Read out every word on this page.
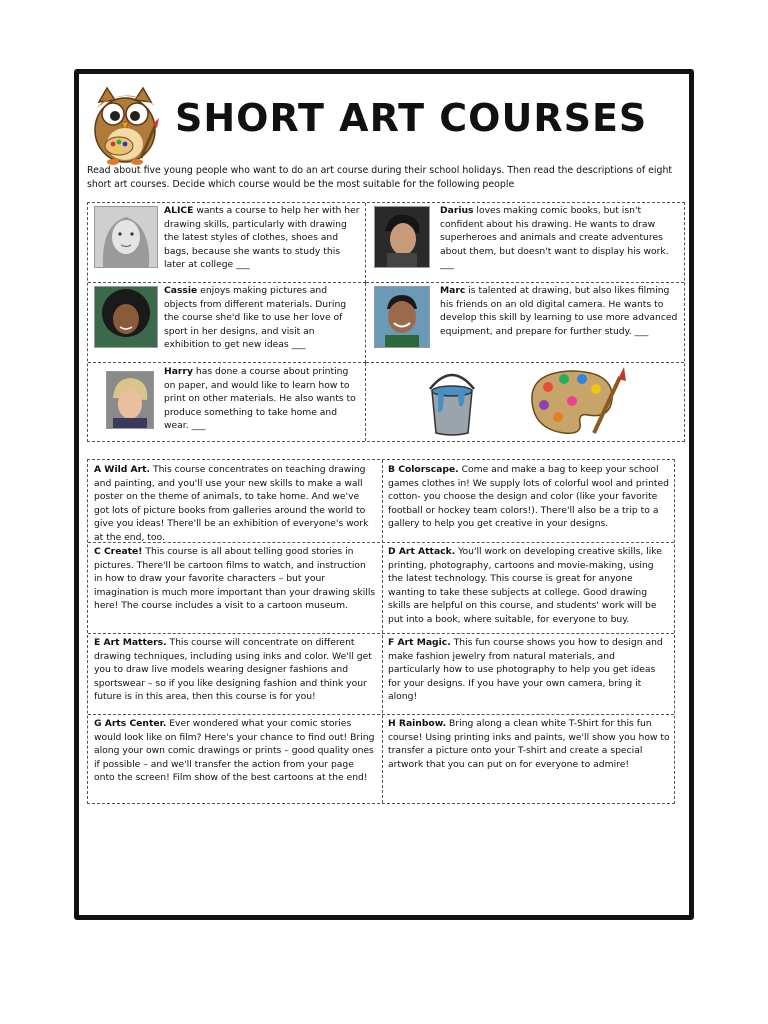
SHORT ART COURSES

Read about five young people who want to do an art course during their school holidays. Then read the descriptions of eight short art courses. Decide which course would be the most suitable for the following people

ALICE wants a course to help her with her drawing skills, particularly with drawing the latest styles of clothes, shoes and bags, because she wants to study this later at college ___

Darius loves making comic books, but isn't confident about his drawing. He wants to draw superheroes and animals and create adventures about them, but doesn't want to display his work. ___

Cassie enjoys making pictures and objects from different materials. During the course she'd like to use her love of sport in her designs, and visit an exhibition to get new ideas ___

Marc is talented at drawing, but also likes filming his friends on an old digital camera. He wants to develop this skill by learning to use more advanced equipment, and prepare for further study. ___

Harry has done a course about printing on paper, and would like to learn how to print on other materials. He also wants to produce something to take home and wear. ___

A Wild Art. This course concentrates on teaching drawing and painting, and you'll use your new skills to make a wall poster on the theme of animals, to take home. And we've got lots of picture books from galleries around the world to give you ideas! There'll be an exhibition of everyone's work at the end, too.
B Colorscape. Come and make a bag to keep your school games clothes in! We supply lots of colorful wool and printed cotton- you choose the design and color (like your favorite football or hockey team colors!). There'll also be a trip to a gallery to help you get creative in your designs.
C Create! This course is all about telling good stories in pictures. There'll be cartoon films to watch, and instruction in how to draw your favorite characters – but your imagination is much more important than your drawing skills here! The course includes a visit to a cartoon museum.
D Art Attack. You'll work on developing creative skills, like printing, photography, cartoons and movie-making, using the latest technology. This course is great for anyone wanting to take these subjects at college. Good drawing skills are helpful on this course, and students' work will be put into a book, where suitable, for everyone to buy.
E Art Matters. This course will concentrate on different drawing techniques, including using inks and color. We'll get you to draw live models wearing designer fashions and sportswear – so if you like designing fashion and think your future is in this area, then this course is for you!
F Art Magic. This fun course shows you how to design and make fashion jewelry from natural materials, and particularly how to use photography to help you get ideas for your designs. If you have your own camera, bring it along!
G Arts Center. Ever wondered what your comic stories would look like on film? Here's your chance to find out! Bring along your own comic drawings or prints – good quality ones if possible – and we'll transfer the action from your page onto the screen! Film show of the best cartoons at the end!
H Rainbow. Bring along a clean white T-Shirt for this fun course! Using printing inks and paints, we'll show you how to transfer a picture onto your T-shirt and create a special artwork that you can put on for everyone to admire!
